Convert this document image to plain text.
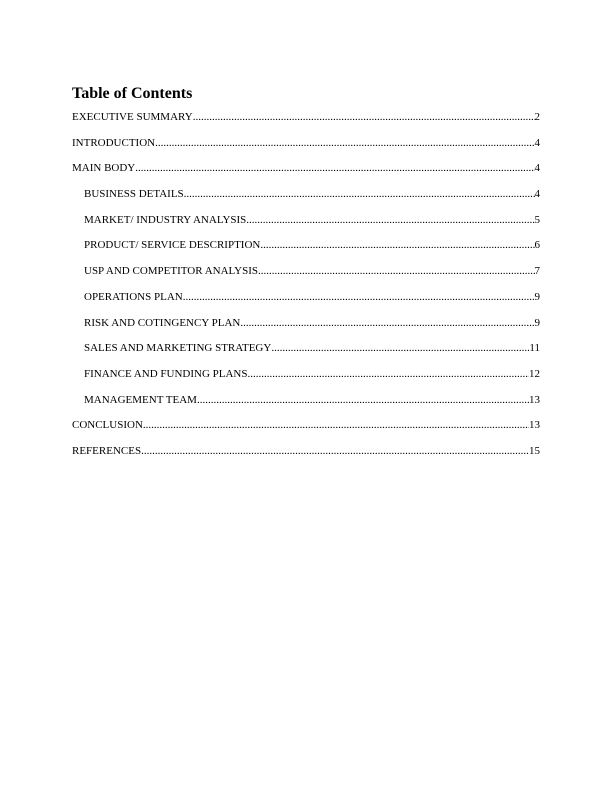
Table of Contents
EXECUTIVE SUMMARY .....	2
INTRODUCTION .....	4
MAIN BODY .....	4
BUSINESS DETAILS .....	4
MARKET/ INDUSTRY ANALYSIS .....	5
PRODUCT/ SERVICE DESCRIPTION .....	6
USP AND COMPETITOR ANALYSIS .....	7
OPERATIONS PLAN .....	9
RISK AND COTINGENCY PLAN .....	9
SALES AND MARKETING STRATEGY .....	11
FINANCE AND FUNDING PLANS .....	12
MANAGEMENT TEAM .....	13
CONCLUSION .....	13
REFERENCES .....	15
